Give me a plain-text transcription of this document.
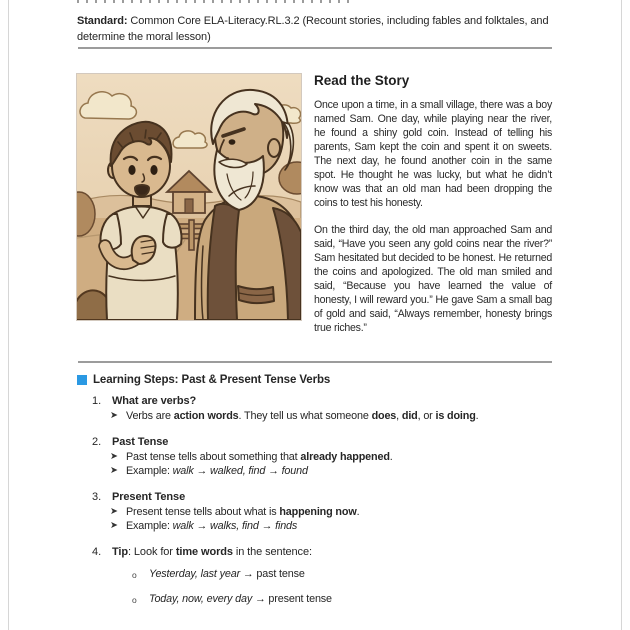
Standard: Common Core ELA-Literacy.RL.3.2 (Recount stories, including fables and folktales, and determine the moral lesson)

Read the Story

Once upon a time, in a small village, there was a boy named Sam. One day, while playing near the river, he found a shiny gold coin. Instead of telling his parents, Sam kept the coin and spent it on sweets. The next day, he found another coin in the same spot. He thought he was lucky, but what he didn’t know was that an old man had been dropping the coins to test his honesty.

On the third day, the old man approached Sam and said, “Have you seen any gold coins near the river?” Sam hesitated but decided to be honest. He returned the coins and apologized. The old man smiled and said, “Because you have learned the value of honesty, I will reward you.” He gave Sam a small bag of gold and said, “Always remember, honesty brings true riches.”

Learning Steps: Past & Present Tense Verbs
1. What are verbs?
➤ Verbs are action words. They tell us what someone does, did, or is doing.
2. Past Tense
➤ Past tense tells about something that already happened.
➤ Example: walk → walked, find → found
3. Present Tense
➤ Present tense tells about what is happening now.
➤ Example: walk → walks, find → finds
4. Tip: Look for time words in the sentence:
o	Yesterday, last year → past tense
o	Today, now, every day → present tense
